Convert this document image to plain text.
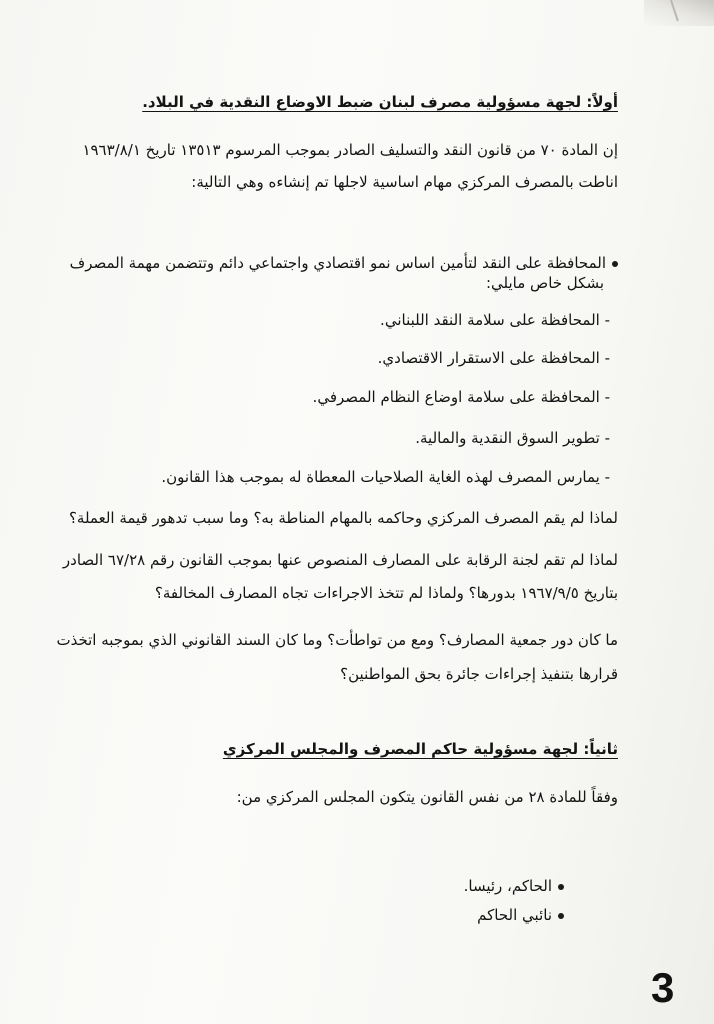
أولاً: لجهة مسؤولية مصرف لبنان ضبط الاوضاع النقدية في البلاد.
إن المادة ٧٠ من قانون النقد والتسليف الصادر بموجب المرسوم ١٣٥١٣ تاريخ ١٩٦٣/٨/١
اناطت بالمصرف المركزي مهام اساسية لاجلها تم إنشاءه وهي التالية:
المحافظة على النقد لتأمين اساس نمو اقتصادي واجتماعي دائم وتتضمن مهمة المصرف
بشكل خاص مايلي:
- المحافظة على سلامة النقد اللبناني.
- المحافظة على الاستقرار الاقتصادي.
- المحافظة على سلامة اوضاع النظام المصرفي.
- تطوير السوق النقدية والمالية.
- يمارس المصرف لهذه الغاية الصلاحيات المعطاة له بموجب هذا القانون.
لماذا لم يقم المصرف المركزي وحاكمه بالمهام المناطة به؟ وما سبب تدهور قيمة العملة؟
لماذا لم تقم لجنة الرقابة على المصارف المنصوص عنها بموجب القانون رقم ٦٧/٢٨ الصادر
بتاريخ ١٩٦٧/٩/٥ بدورها؟ ولماذا لم تتخذ الاجراءات تجاه المصارف المخالفة؟
ما كان دور جمعية المصارف؟ ومع من تواطأت؟ وما كان السند القانوني الذي بموجبه اتخذت
قرارها بتنفيذ إجراءات جائرة بحق المواطنين؟
ثانياً: لجهة مسؤولية حاكم المصرف والمجلس المركزي
وفقاً للمادة ٢٨ من نفس القانون يتكون المجلس المركزي من:
الحاكم، رئيسا.
نائبي الحاكم
3
